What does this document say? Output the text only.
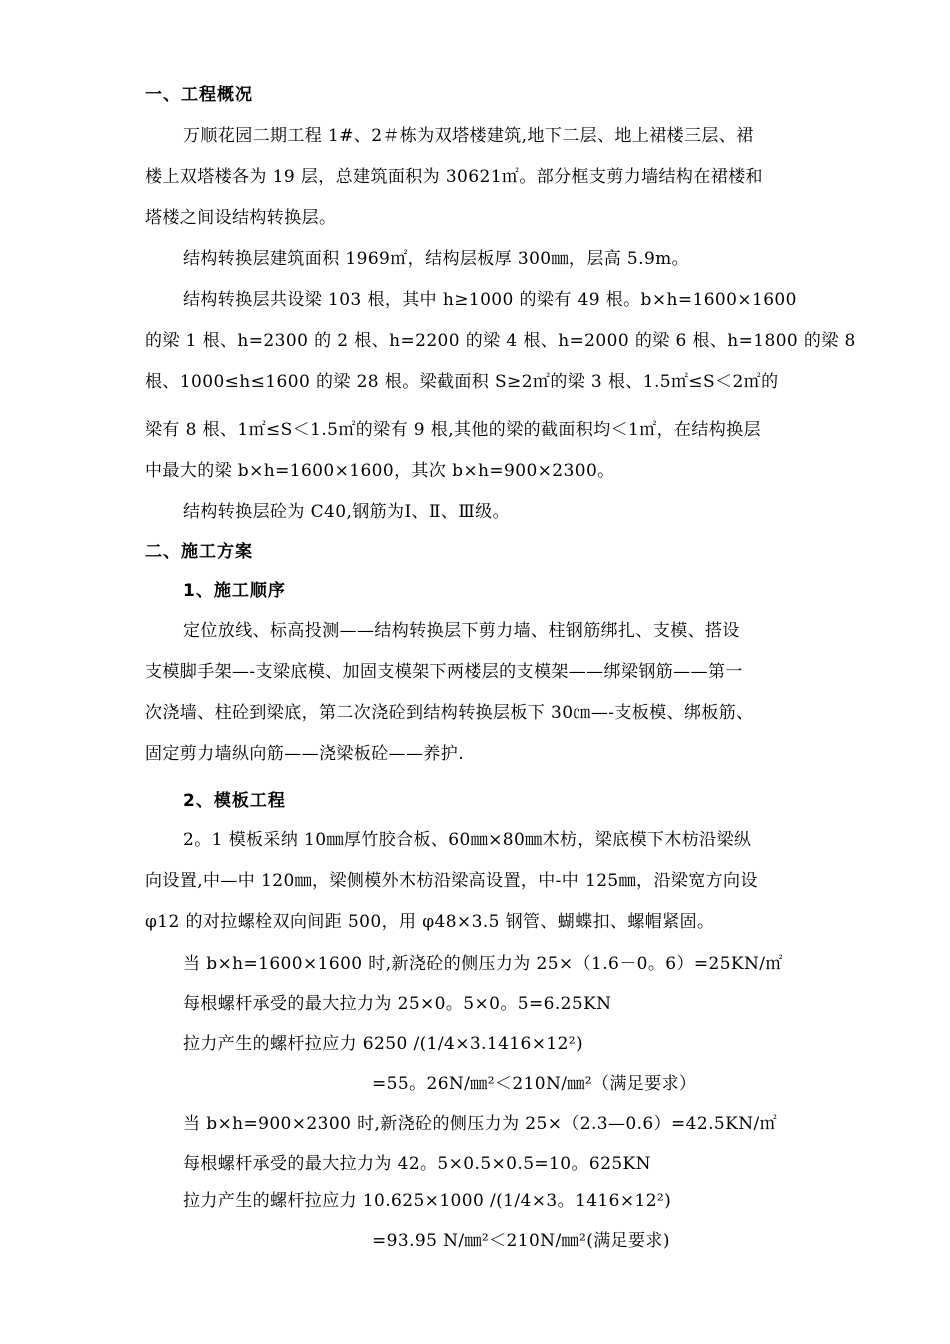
一、工程概况
万顺花园二期工程 1#、2＃栋为双塔楼建筑,地下二层、地上裙楼三层、裙
楼上双塔楼各为 19 层，总建筑面积为 30621㎡。部分框支剪力墙结构在裙楼和
塔楼之间设结构转换层。
结构转换层建筑面积 1969㎡，结构层板厚 300㎜，层高 5.9m。
结构转换层共设梁 103 根，其中 h≥1000 的梁有 49 根。b×h=1600×1600
的梁 1 根、h=2300 的 2 根、h=2200 的梁 4 根、h=2000 的梁 6 根、h=1800 的梁 8
根、1000≤h≤1600 的梁 28 根。梁截面积 S≥2㎡的梁 3 根、1.5㎡≤S＜2㎡的
梁有 8 根、1㎡≤S＜1.5㎡的梁有 9 根,其他的梁的截面积均＜1㎡，在结构换层
中最大的梁 b×h=1600×1600，其次 b×h=900×2300。
结构转换层砼为 C40,钢筋为Ⅰ、Ⅱ、Ⅲ级。
二、施工方案
1、施工顺序
定位放线、标高投测——结构转换层下剪力墙、柱钢筋绑扎、支模、搭设
支模脚手架—-支梁底模、加固支模架下两楼层的支模架——绑梁钢筋——第一
次浇墙、柱砼到梁底，第二次浇砼到结构转换层板下 30㎝—-支板模、绑板筋、
固定剪力墙纵向筋——浇梁板砼——养护.
2、模板工程
2。1 模板采纳 10㎜厚竹胶合板、60㎜×80㎜木枋，梁底模下木枋沿梁纵
向设置,中—中 120㎜，梁侧模外木枋沿梁高设置，中-中 125㎜，沿梁宽方向设
φ12 的对拉螺栓双向间距 500，用 φ48×3.5 钢管、蝴蝶扣、螺帽紧固。
当 b×h=1600×1600 时,新浇砼的侧压力为 25×（1.6－0。6）=25KN/㎡
每根螺杆承受的最大拉力为 25×0。5×0。5=6.25KN
拉力产生的螺杆拉应力 6250 /(1/4×3.1416×12²)
=55。26N/㎜²＜210N/㎜²（满足要求）
当 b×h=900×2300 时,新浇砼的侧压力为 25×（2.3—0.6）=42.5KN/㎡
每根螺杆承受的最大拉力为 42。5×0.5×0.5=10。625KN
拉力产生的螺杆拉应力 10.625×1000 /(1/4×3。1416×12²)
=93.95 N/㎜²＜210N/㎜²(满足要求)
